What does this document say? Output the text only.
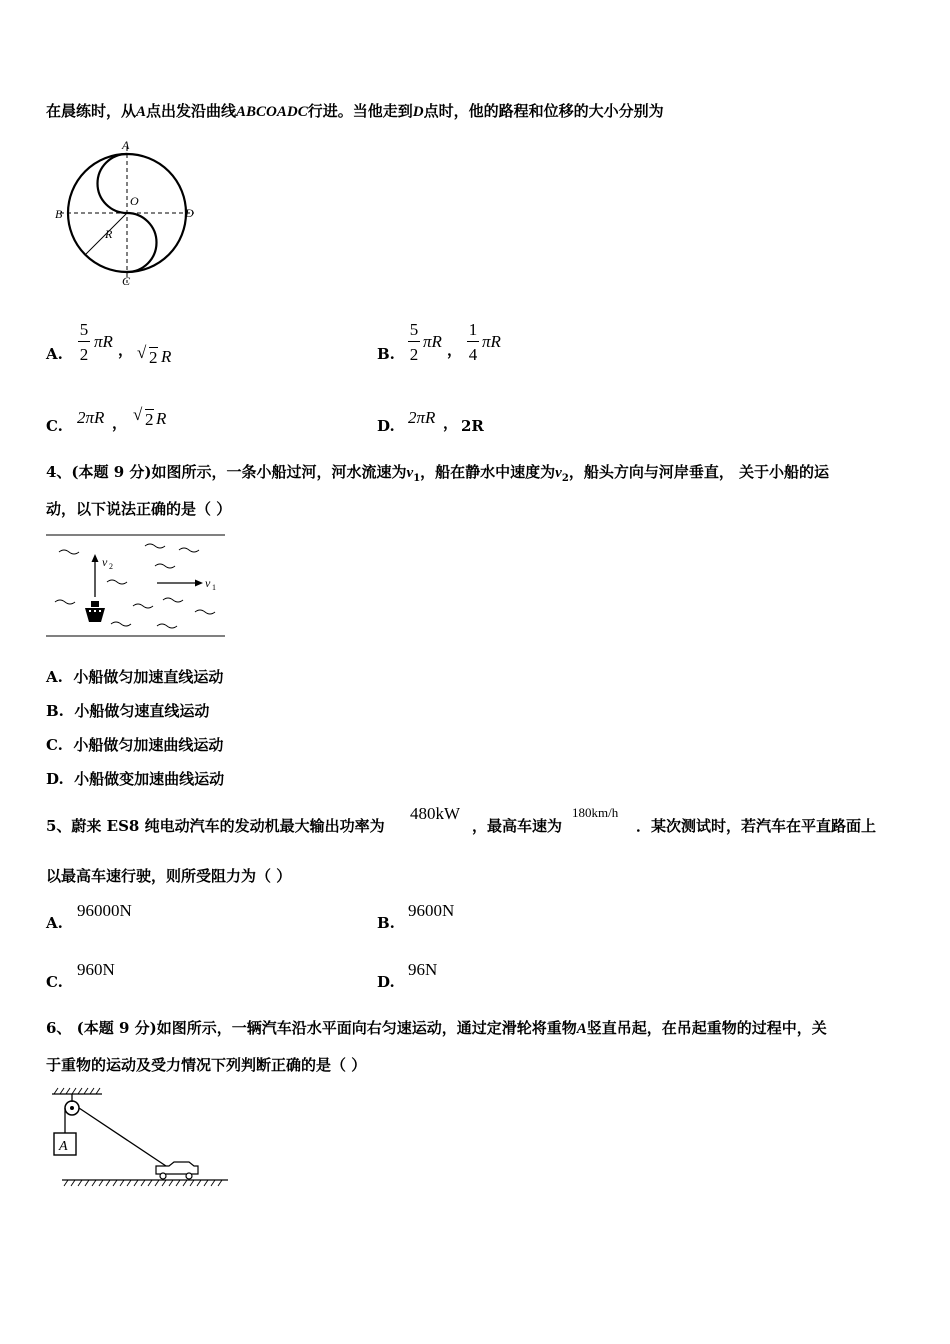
在晨练时，从A点出发沿曲线ABCOADC行进。当他走到D点时，他的路程和位移的大小分别为
A
B
C
D
O
R
A.
5
2
πR ， √ 2 R	B.
5
2
πR ，
1
4
πR
C. 2πR ， √ 2 R	D. 2πR ， 2R
4、(本题 9 分)如图所示，一条小船过河，河水流速为$v_1$，船在静水中速度为$v_2$，船头方向与河岸垂直， 关于小船的运
动，以下说法正确的是（ ）
v 2
v 1
A. 小船做匀加速直线运动
B. 小船做匀速直线运动
C. 小船做匀加速曲线运动
D. 小船做变加速曲线运动
5、蔚来 ES8 纯电动汽车的发动机最大输出功率为
480kW
，最高车速为
180km/h
．某次测试时，若汽车在平直路面上
以最高车速行驶，则所受阻力为（ ）
A.
96000N
B.
9600N
C.
960N
D.
96N
6、 (本题 9 分)如图所示，一辆汽车沿水平面向右匀速运动，通过定滑轮将重物A竖直吊起，在吊起重物的过程中，关
于重物的运动及受力情况下列判断正确的是（ ）
A
